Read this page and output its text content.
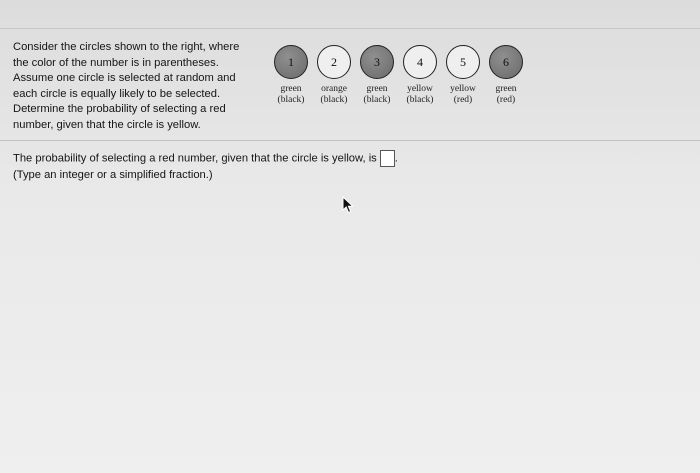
Consider the circles shown to the right, where
the color of the number is in parentheses.
Assume one circle is selected at random and
each circle is equally likely to be selected.
Determine the probability of selecting a red
number, given that the circle is yellow.
1
green
(black)
2
orange
(black)
3
green
(black)
4
yellow
(black)
5
yellow
(red)
6
green
(red)
The probability of selecting a red number, given that the circle is yellow, is .
(Type an integer or a simplified fraction.)
